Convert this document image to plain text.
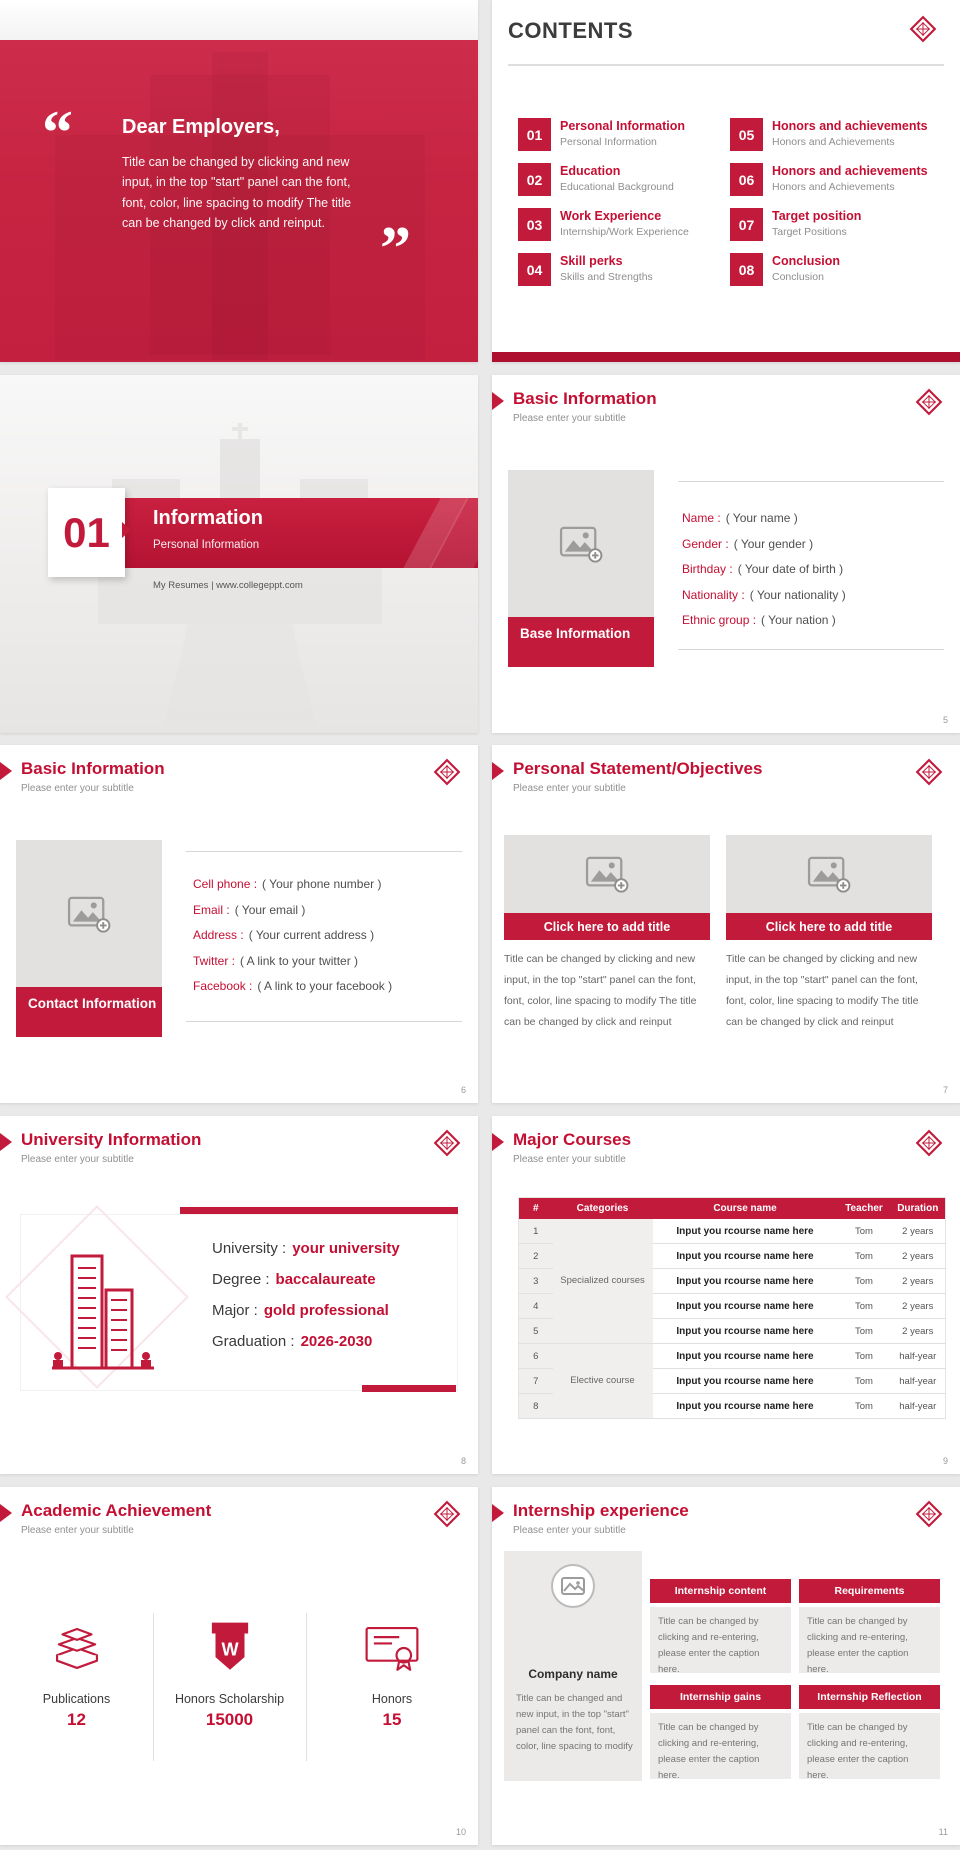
“ Dear Employers,
Title can be changed by clicking and new input, in the top "start" panel can the font, font, color, line spacing to modify The title can be changed by click and reinput. ”
CONTENTS
01
Personal Information
Personal Information
02
Education
Educational Background
03
Work Experience
Internship/Work Experience
04
Skill perks
Skills and Strengths
05
Honors and achievements
Honors and Achievements
06
Honors and achievements
Honors and Achievements
07
Target position
Target Positions
08
Conclusion
Conclusion
Information
Personal Information
01
My Resumes | www.collegeppt.com
Basic Information
Please enter your subtitle
Base Information
Name : ( Your name )
Gender : ( Your gender )
Birthday : ( Your date of birth )
Nationality : ( Your nationality )
Ethnic group : ( Your nation )
5
Basic Information
Please enter your subtitle
Contact Information
Cell phone : ( Your phone number )
Email : ( Your email )
Address : ( Your current address )
Twitter : ( A link to your twitter )
Facebook : ( A link to your facebook )
6
Personal Statement/Objectives
Please enter your subtitle
Click here to add title
Title can be changed by clicking and new input, in the top "start" panel can the font, font, color, line spacing to modify The title can be changed by click and reinput
Click here to add title
Title can be changed by clicking and new input, in the top "start" panel can the font, font, color, line spacing to modify The title can be changed by click and reinput
7
University Information
Please enter your subtitle
University : your university
Degree : baccalaureate
Major : gold professional
Graduation : 2026-2030
8
Major Courses
Please enter your subtitle
#	Categories	Course name	Teacher	Duration
1	Specialized courses	Input you rcourse name here	Tom	2 years
2		Input you rcourse name here	Tom	2 years
3		Input you rcourse name here	Tom	2 years
4		Input you rcourse name here	Tom	2 years
5		Input you rcourse name here	Tom	2 years
6	Elective course	Input you rcourse name here	Tom	half-year
7		Input you rcourse name here	Tom	half-year
8		Input you rcourse name here	Tom	half-year
9
Academic Achievement
Please enter your subtitle
Publications
12
W
Honors Scholarship
15000
Honors
15
10
Internship experience
Please enter your subtitle
Company name
Title can be changed and new input, in the top "start" panel can the font, font, color, line spacing to modify
Internship content
Title can be changed by clicking and re-entering, please enter the caption here.
Requirements
Title can be changed by clicking and re-entering, please enter the caption here.
Internship gains
Title can be changed by clicking and re-entering, please enter the caption here.
Internship Reflection
Title can be changed by clicking and re-entering, please enter the caption here.
11
